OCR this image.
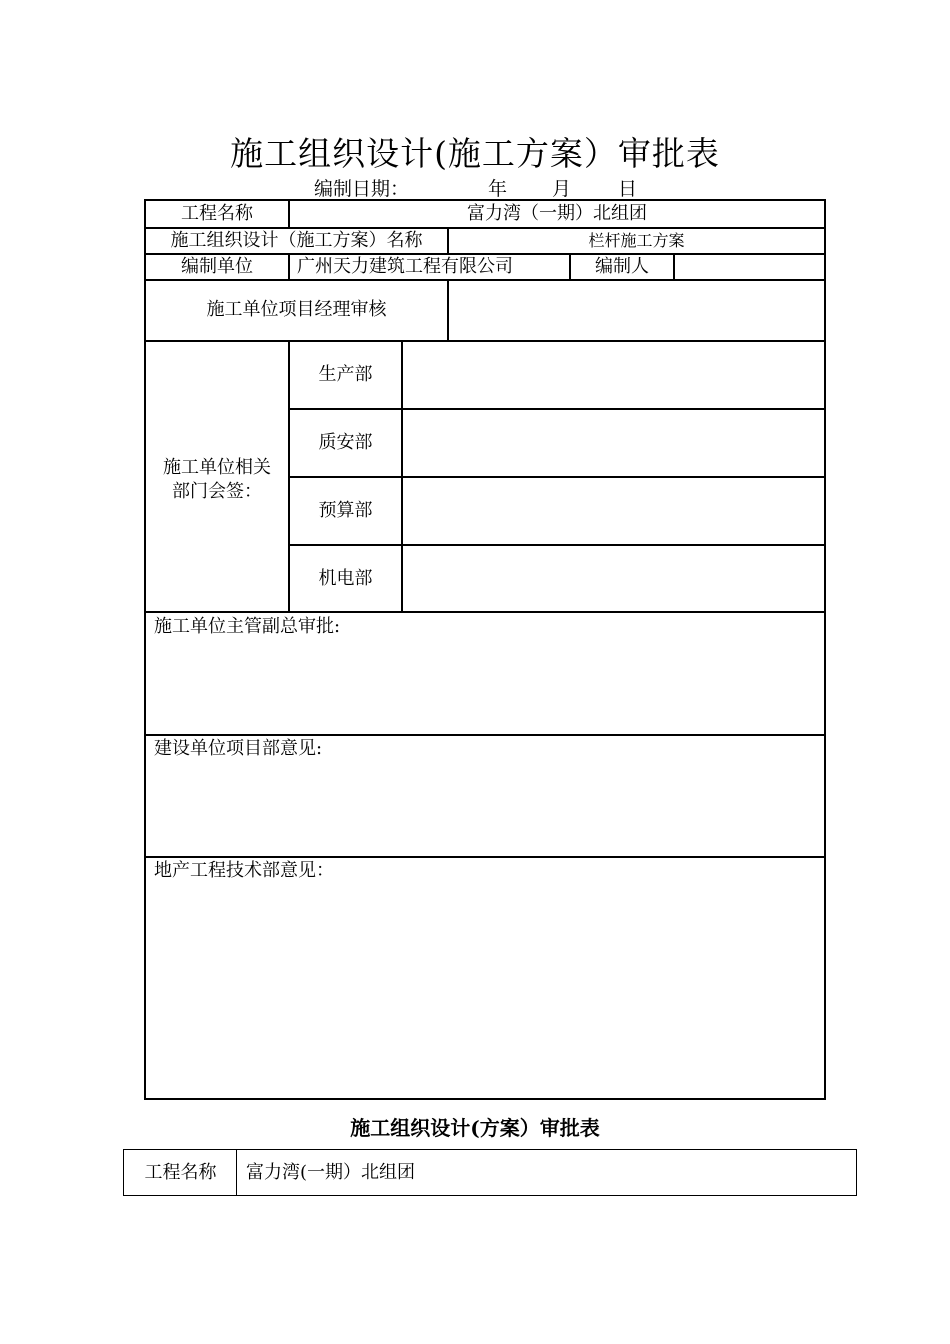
施工组织设计(施工方案）审批表
编制日期：	年 月 日
工程名称	富力湾（一期）北组团
施工组织设计（施工方案）名称	栏杆施工方案
编制单位	广州天力建筑工程有限公司	编制人
施工单位项目经理审核
施工单位相关
部门会签：
生产部
质安部
预算部
机电部
施工单位主管副总审批:
建设单位项目部意见:
地产工程技术部意见：
施工组织设计(方案）审批表
工程名称	富力湾(一期）北组团
